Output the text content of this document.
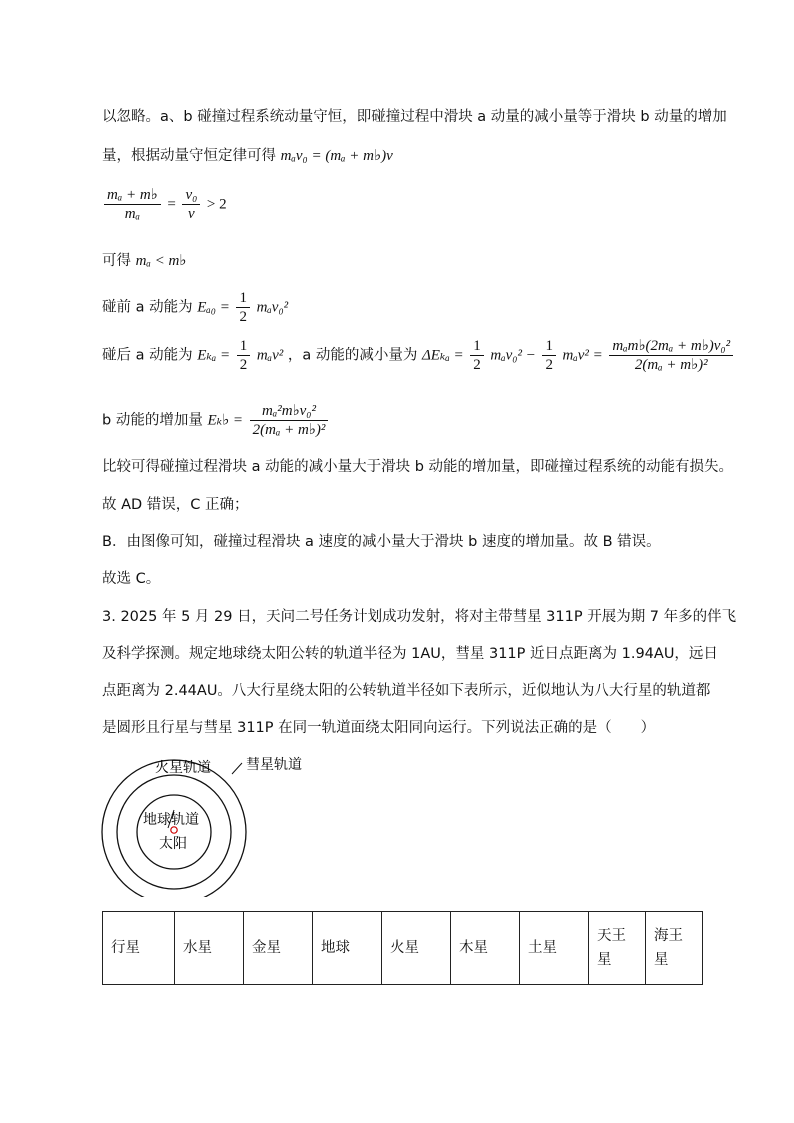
以忽略。a、b 碰撞过程系统动量守恒，即碰撞过程中滑块 a 动量的减小量等于滑块 b 动量的增加
量，根据动量守恒定律可得 mₐv₀ = (mₐ + m♭)v
$\frac{\text{mₐ + m♭}}{\text{mₐ}} = \frac{\text{v₀}}{v} > 2$
可得 mₐ < m♭
碰前 a 动能为 $E_{a0} = \frac{1}{2} m_av_0^2$
碰后 a 动能为 $E_{ka} = \frac{1}{2} m_av^2$ ，a 动能的减小量为 $\Delta E_{ka} = \frac{1}{2} m_av_0^2 - \frac{1}{2} m_av^2 = \frac{\text{mₐm♭(2mₐ + m♭)v₀²}}{\text{2(mₐ + m♭)²}}$
b 动能的增加量 Eₖ♭ = $\frac{\text{mₐ²m♭v₀²}}{\text{2(mₐ + m♭)²}}$
比较可得碰撞过程滑块 a 动能的减小量大于滑块 b 动能的增加量，即碰撞过程系统的动能有损失。
故 AD 错误，C 正确；
B．由图像可知，碰撞过程滑块 a 速度的减小量大于滑块 b 速度的增加量。故 B 错误。
故选 C。
3. 2025 年 5 月 29 日，天问二号任务计划成功发射，将对主带彗星 311P 开展为期 7 年多的伴飞
及科学探测。规定地球绕太阳公转的轨道半径为 1AU，彗星 311P 近日点距离为 1.94AU，远日
点距离为 2.44AU。八大行星绕太阳的公转轨道半径如下表所示，近似地认为八大行星的轨道都
是圆形且行星与彗星 311P 在同一轨道面绕太阳同向运行。下列说法正确的是（　　）
火星轨道	彗星轨道
地球轨道
太阳
行星	水星	金星	地球	火星	木星	土星	天王
星	海王
星
